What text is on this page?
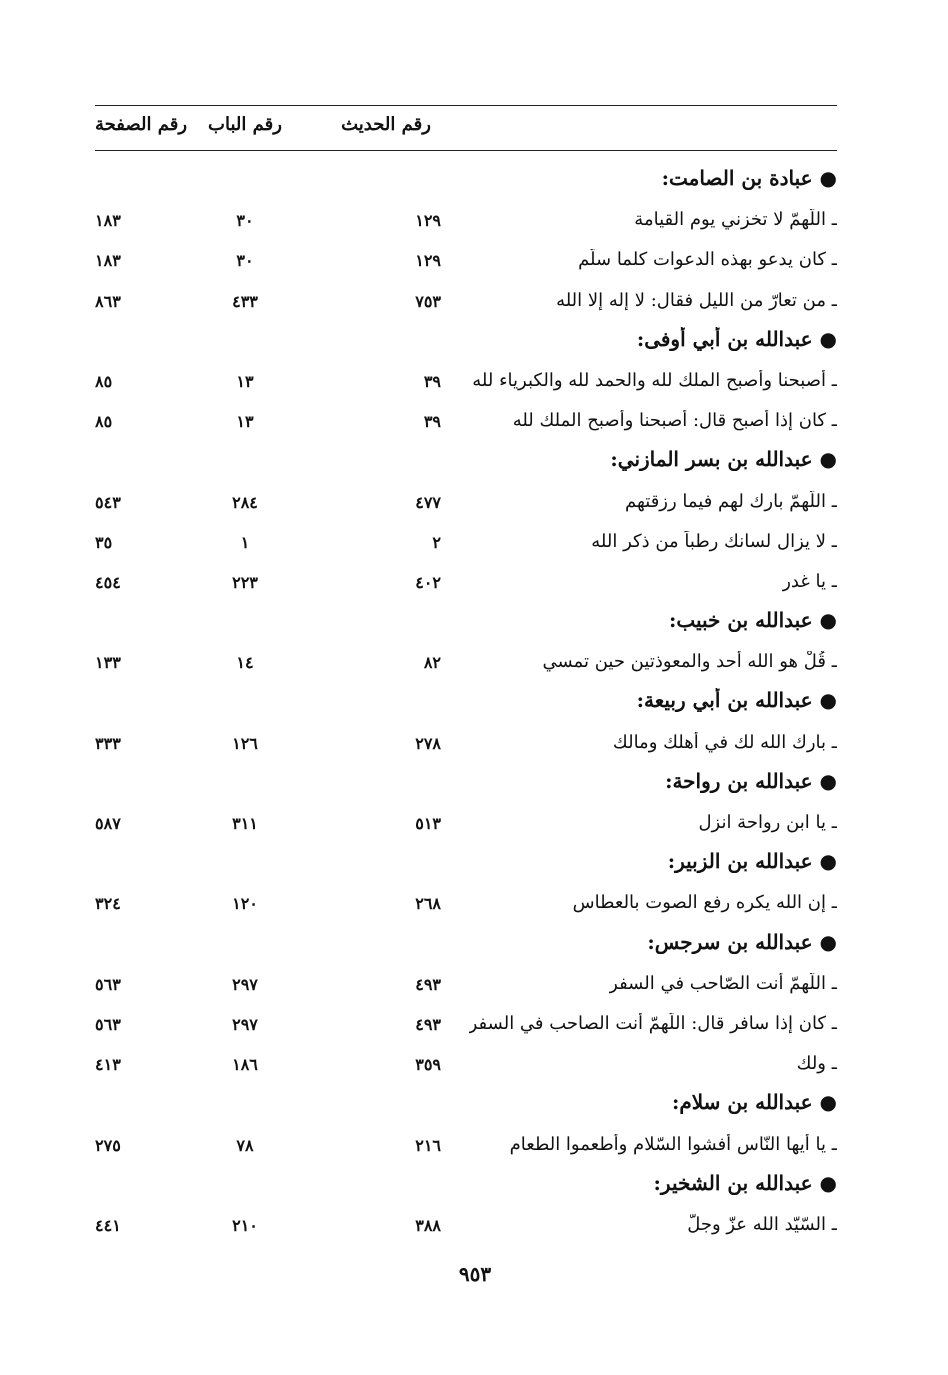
رقم الصفحة	رقم الباب	رقم الحديث
● عبادة بن الصامت:
ـ اللّهمّ لا تخزني يوم القيامة
١٢٩
٣٠
١٨٣
ـ كان يدعو بهذه الدعوات كلما سلّم
١٢٩
٣٠
١٨٣
ـ من تعارّ من الليل فقال: لا إله إلا الله
٧٥٣
٤٣٣
٨٦٣
● عبدالله بن أبي أوفى:
ـ أصبحنا وأصبح الملك لله والحمد لله والكبرياء لله
٣٩
١٣
٨٥
ـ كان إذا أصبح قال: أصبحنا وأصبح الملك لله
٣٩
١٣
٨٥
● عبدالله بن بسر المازني:
ـ اللّهمّ بارك لهم فيما رزقتهم
٤٧٧
٢٨٤
٥٤٣
ـ لا يزال لسانك رطباً من ذكر الله
٢
١
٣٥
ـ يا غدر
٤٠٢
٢٢٣
٤٥٤
● عبدالله بن خبيب:
ـ قُلْ هو الله أحد والمعوذتين حين تمسي
٨٢
١٤
١٣٣
● عبدالله بن أبي ربيعة:
ـ بارك الله لك في أهلك ومالك
٢٧٨
١٢٦
٣٣٣
● عبدالله بن رواحة:
ـ يا ابن رواحة انزل
٥١٣
٣١١
٥٨٧
● عبدالله بن الزبير:
ـ إن الله يكره رفع الصوت بالعطاس
٢٦٨
١٢٠
٣٢٤
● عبدالله بن سرجس:
ـ اللّهمّ أنت الصّاحب في السفر
٤٩٣
٢٩٧
٥٦٣
ـ كان إذا سافر قال: اللّهمّ أنت الصاحب في السفر
٤٩٣
٢٩٧
٥٦٣
ـ ولك
٣٥٩
١٨٦
٤١٣
● عبدالله بن سلام:
ـ يا أيها النّاس أفشوا السّلام وأطعموا الطعام
٢١٦
٧٨
٢٧٥
● عبدالله بن الشخير:
ـ السّيّد الله عزّ وجلّ
٣٨٨
٢١٠
٤٤١
٩٥٣
